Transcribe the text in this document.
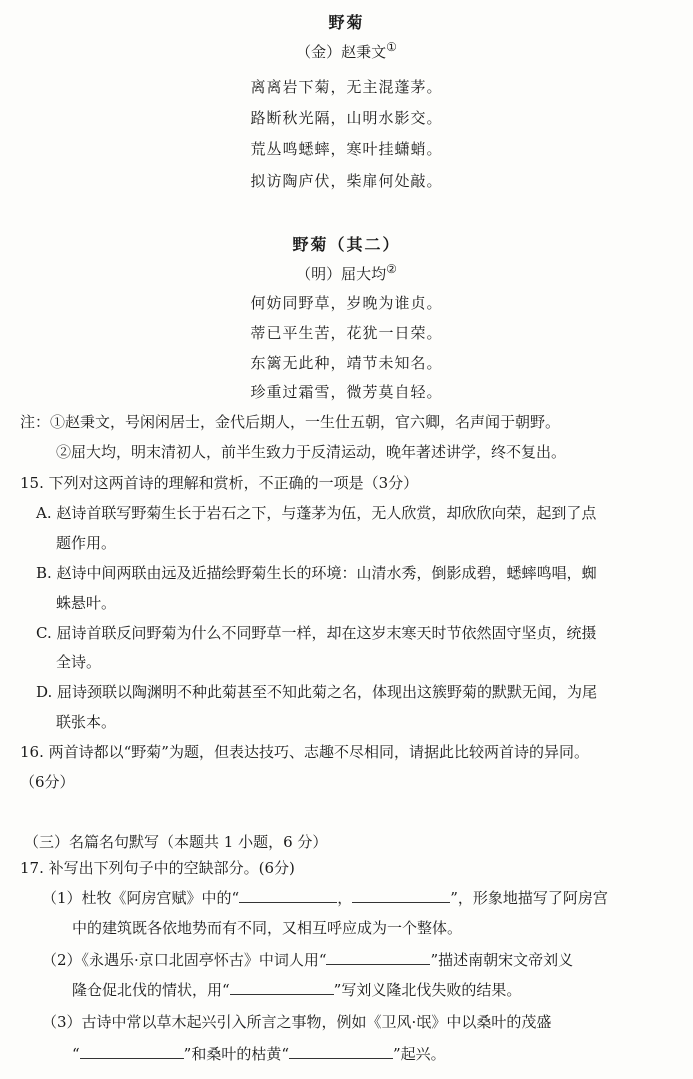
野菊
（金）赵秉文①
离离岩下菊，无主混蓬茅。
路断秋光隔，山明水影交。
荒丛鸣蟋蟀，寒叶挂蟏蛸。
拟访陶庐伏，柴扉何处敲。
野菊（其二）
（明）屈大均②
何妨同野草，岁晚为谁贞。
蒂已平生苦，花犹一日荣。
东篱无此种，靖节未知名。
珍重过霜雪，微芳莫自轻。
注：①赵秉文，号闲闲居士，金代后期人，一生仕五朝，官六卿，名声闻于朝野。
②屈大均，明末清初人，前半生致力于反清运动，晚年著述讲学，终不复出。
15. 下列对这两首诗的理解和赏析，不正确的一项是（3分）
A. 赵诗首联写野菊生长于岩石之下，与蓬茅为伍，无人欣赏，却欣欣向荣，起到了点
题作用。
B. 赵诗中间两联由远及近描绘野菊生长的环境：山清水秀，倒影成碧，蟋蟀鸣唱，蜘
蛛悬叶。
C. 屈诗首联反问野菊为什么不同野草一样，却在这岁末寒天时节依然固守坚贞，统摄
全诗。
D. 屈诗颈联以陶渊明不种此菊甚至不知此菊之名，体现出这簇野菊的默默无闻，为尾
联张本。
16. 两首诗都以“野菊”为题，但表达技巧、志趣不尽相同，请据此比较两首诗的异同。
（6分）
（三）名篇名句默写（本题共 1 小题，6 分）
17. 补写出下列句子中的空缺部分。(6分)
（1）杜牧《阿房宫赋》中的“	，	”，形象地描写了阿房宫
中的建筑既各依地势而有不同，又相互呼应成为一个整体。
（2）《永遇乐·京口北固亭怀古》中词人用“	”描述南朝宋文帝刘义
隆仓促北伐的情状，用“	”写刘义隆北伐失败的结果。
（3）古诗中常以草木起兴引入所言之事物，例如《卫风·氓》中以桑叶的茂盛
“	”和桑叶的枯黄“	”起兴。
